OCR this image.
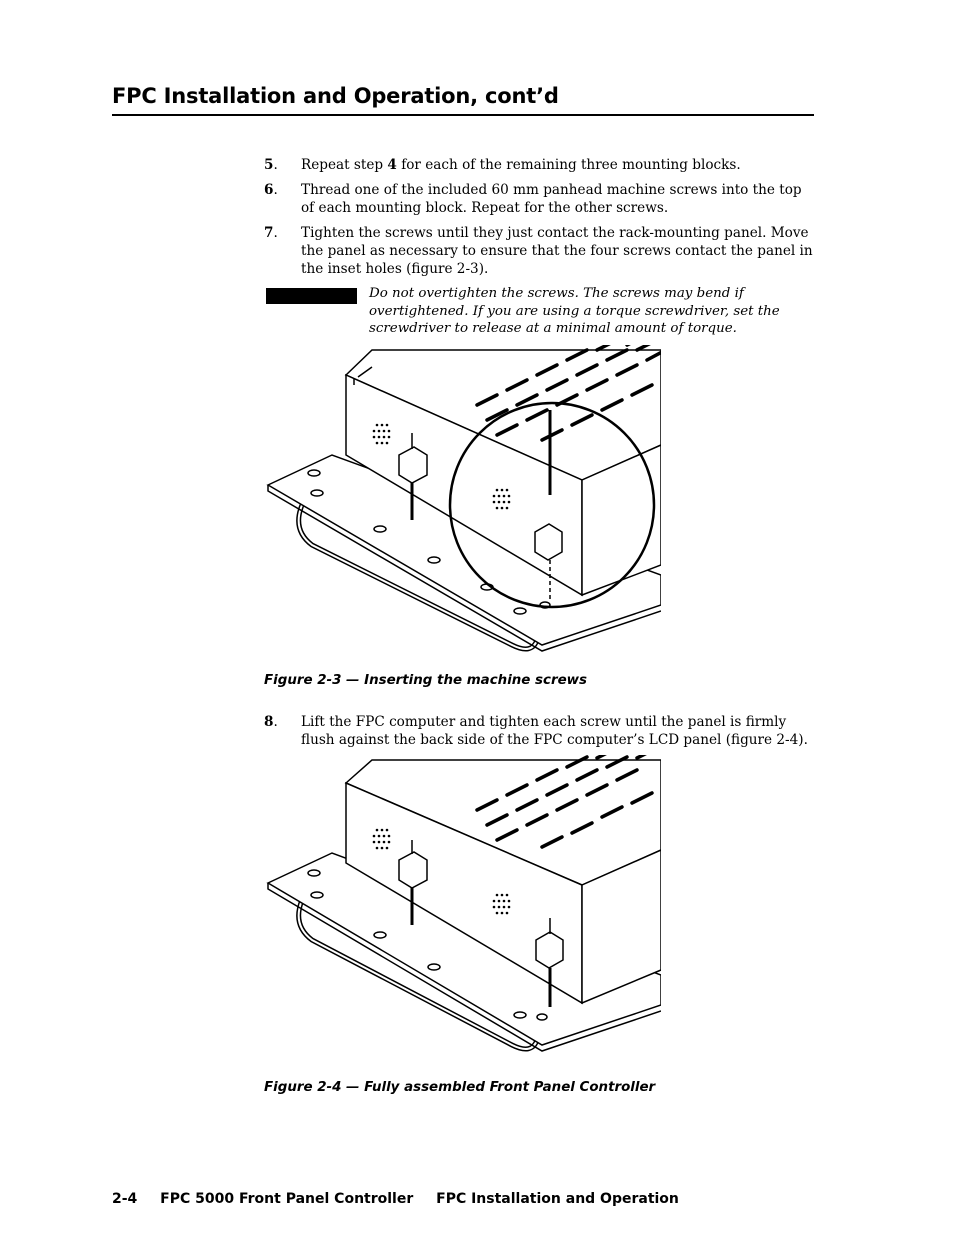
FPC Installation and Operation, cont’d
5. Repeat step 4 for each of the remaining three mounting blocks.
6. Thread one of the included 60 mm panhead machine screws into the top of each mounting block. Repeat for the other screws.
7. Tighten the screws until they just contact the rack-mounting panel. Move the panel as necessary to ensure that the four screws contact the panel in the inset holes (figure 2-3).
Do not overtighten the screws. The screws may bend if overtightened. If you are using a torque screwdriver, set the screwdriver to release at a minimal amount of torque.
Figure 2-3 — Inserting the machine screws
8. Lift the FPC computer and tighten each screw until the panel is firmly flush against the back side of the FPC computer’s LCD panel (figure 2-4).
Figure 2-4 — Fully assembled Front Panel Controller
2-4 FPC 5000 Front Panel Controller FPC Installation and Operation
